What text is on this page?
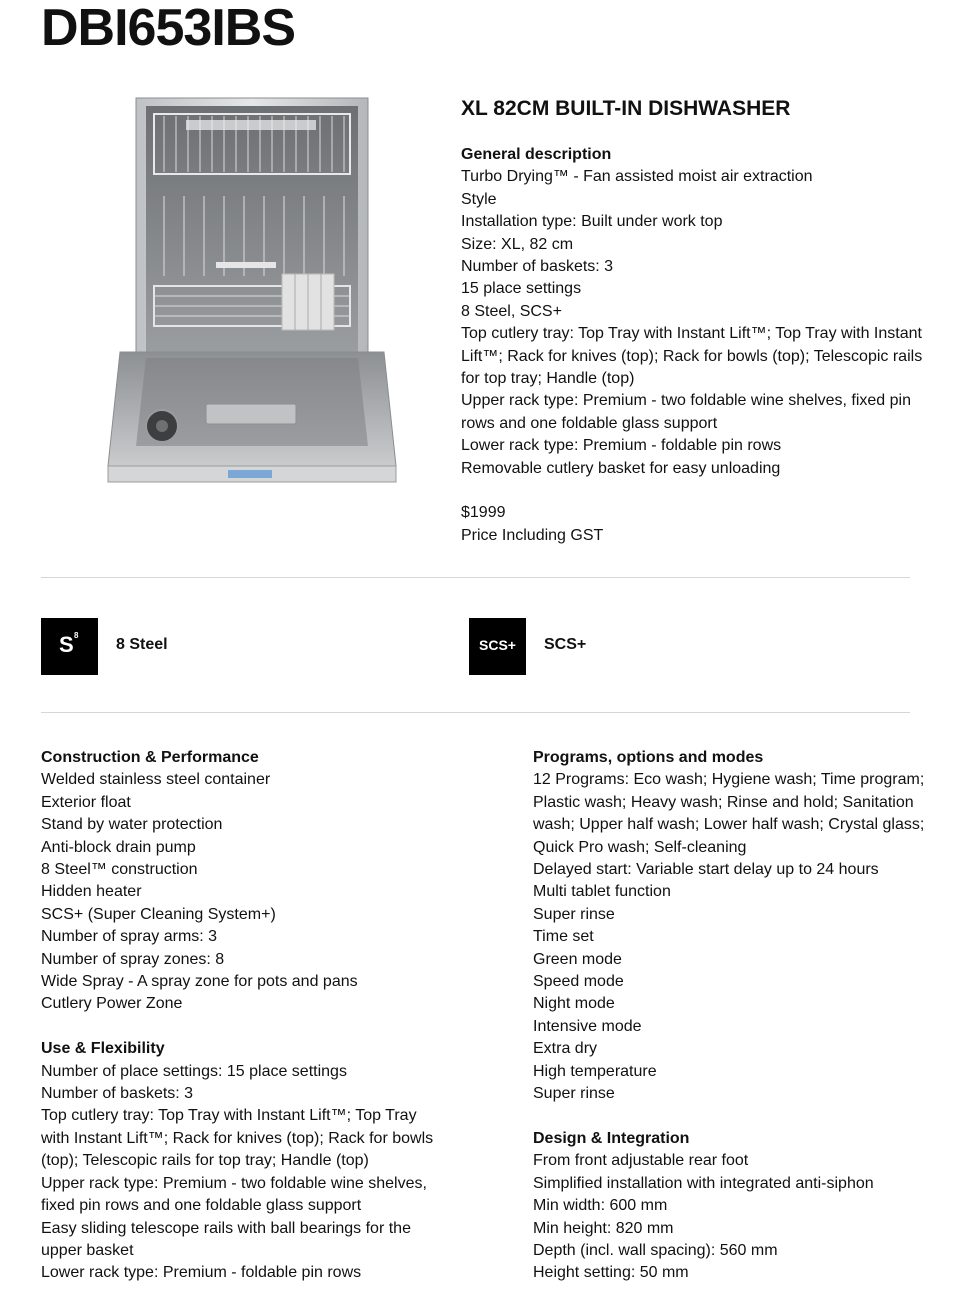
DBI653IBS
XL 82CM BUILT-IN DISHWASHER
General description
Turbo Drying™ - Fan assisted moist air extraction
Style
Installation type: Built under work top
Size: XL, 82 cm
Number of baskets: 3
15 place settings
8 Steel, SCS+
Top cutlery tray: Top Tray with Instant Lift™; Top Tray with Instant
Lift™; Rack for knives (top); Rack for bowls (top); Telescopic rails
for top tray; Handle (top)
Upper rack type: Premium - two foldable wine shelves, fixed pin
rows and one foldable glass support
Lower rack type: Premium - foldable pin rows
Removable cutlery basket for easy unloading
$1999
Price Including GST
S 8
8 Steel	SCS+	SCS+
Construction & Performance
Welded stainless steel container
Exterior float
Stand by water protection
Anti-block drain pump
8 Steel™ construction
Hidden heater
SCS+ (Super Cleaning System+)
Number of spray arms: 3
Number of spray zones: 8
Wide Spray - A spray zone for pots and pans
Cutlery Power Zone
Use & Flexibility
Number of place settings: 15 place settings
Number of baskets: 3
Top cutlery tray: Top Tray with Instant Lift™; Top Tray
with Instant Lift™; Rack for knives (top); Rack for bowls
(top); Telescopic rails for top tray; Handle (top)
Upper rack type: Premium - two foldable wine shelves,
fixed pin rows and one foldable glass support
Easy sliding telescope rails with ball bearings for the
upper basket
Lower rack type: Premium - foldable pin rows
Programs, options and modes
12 Programs: Eco wash; Hygiene wash; Time program;
Plastic wash; Heavy wash; Rinse and hold; Sanitation
wash; Upper half wash; Lower half wash; Crystal glass;
Quick Pro wash; Self-cleaning
Delayed start: Variable start delay up to 24 hours
Multi tablet function
Super rinse
Time set
Green mode
Speed mode
Night mode
Intensive mode
Extra dry
High temperature
Super rinse
Design & Integration
From front adjustable rear foot
Simplified installation with integrated anti-siphon
Min width: 600 mm
Min height: 820 mm
Depth (incl. wall spacing): 560 mm
Height setting: 50 mm
